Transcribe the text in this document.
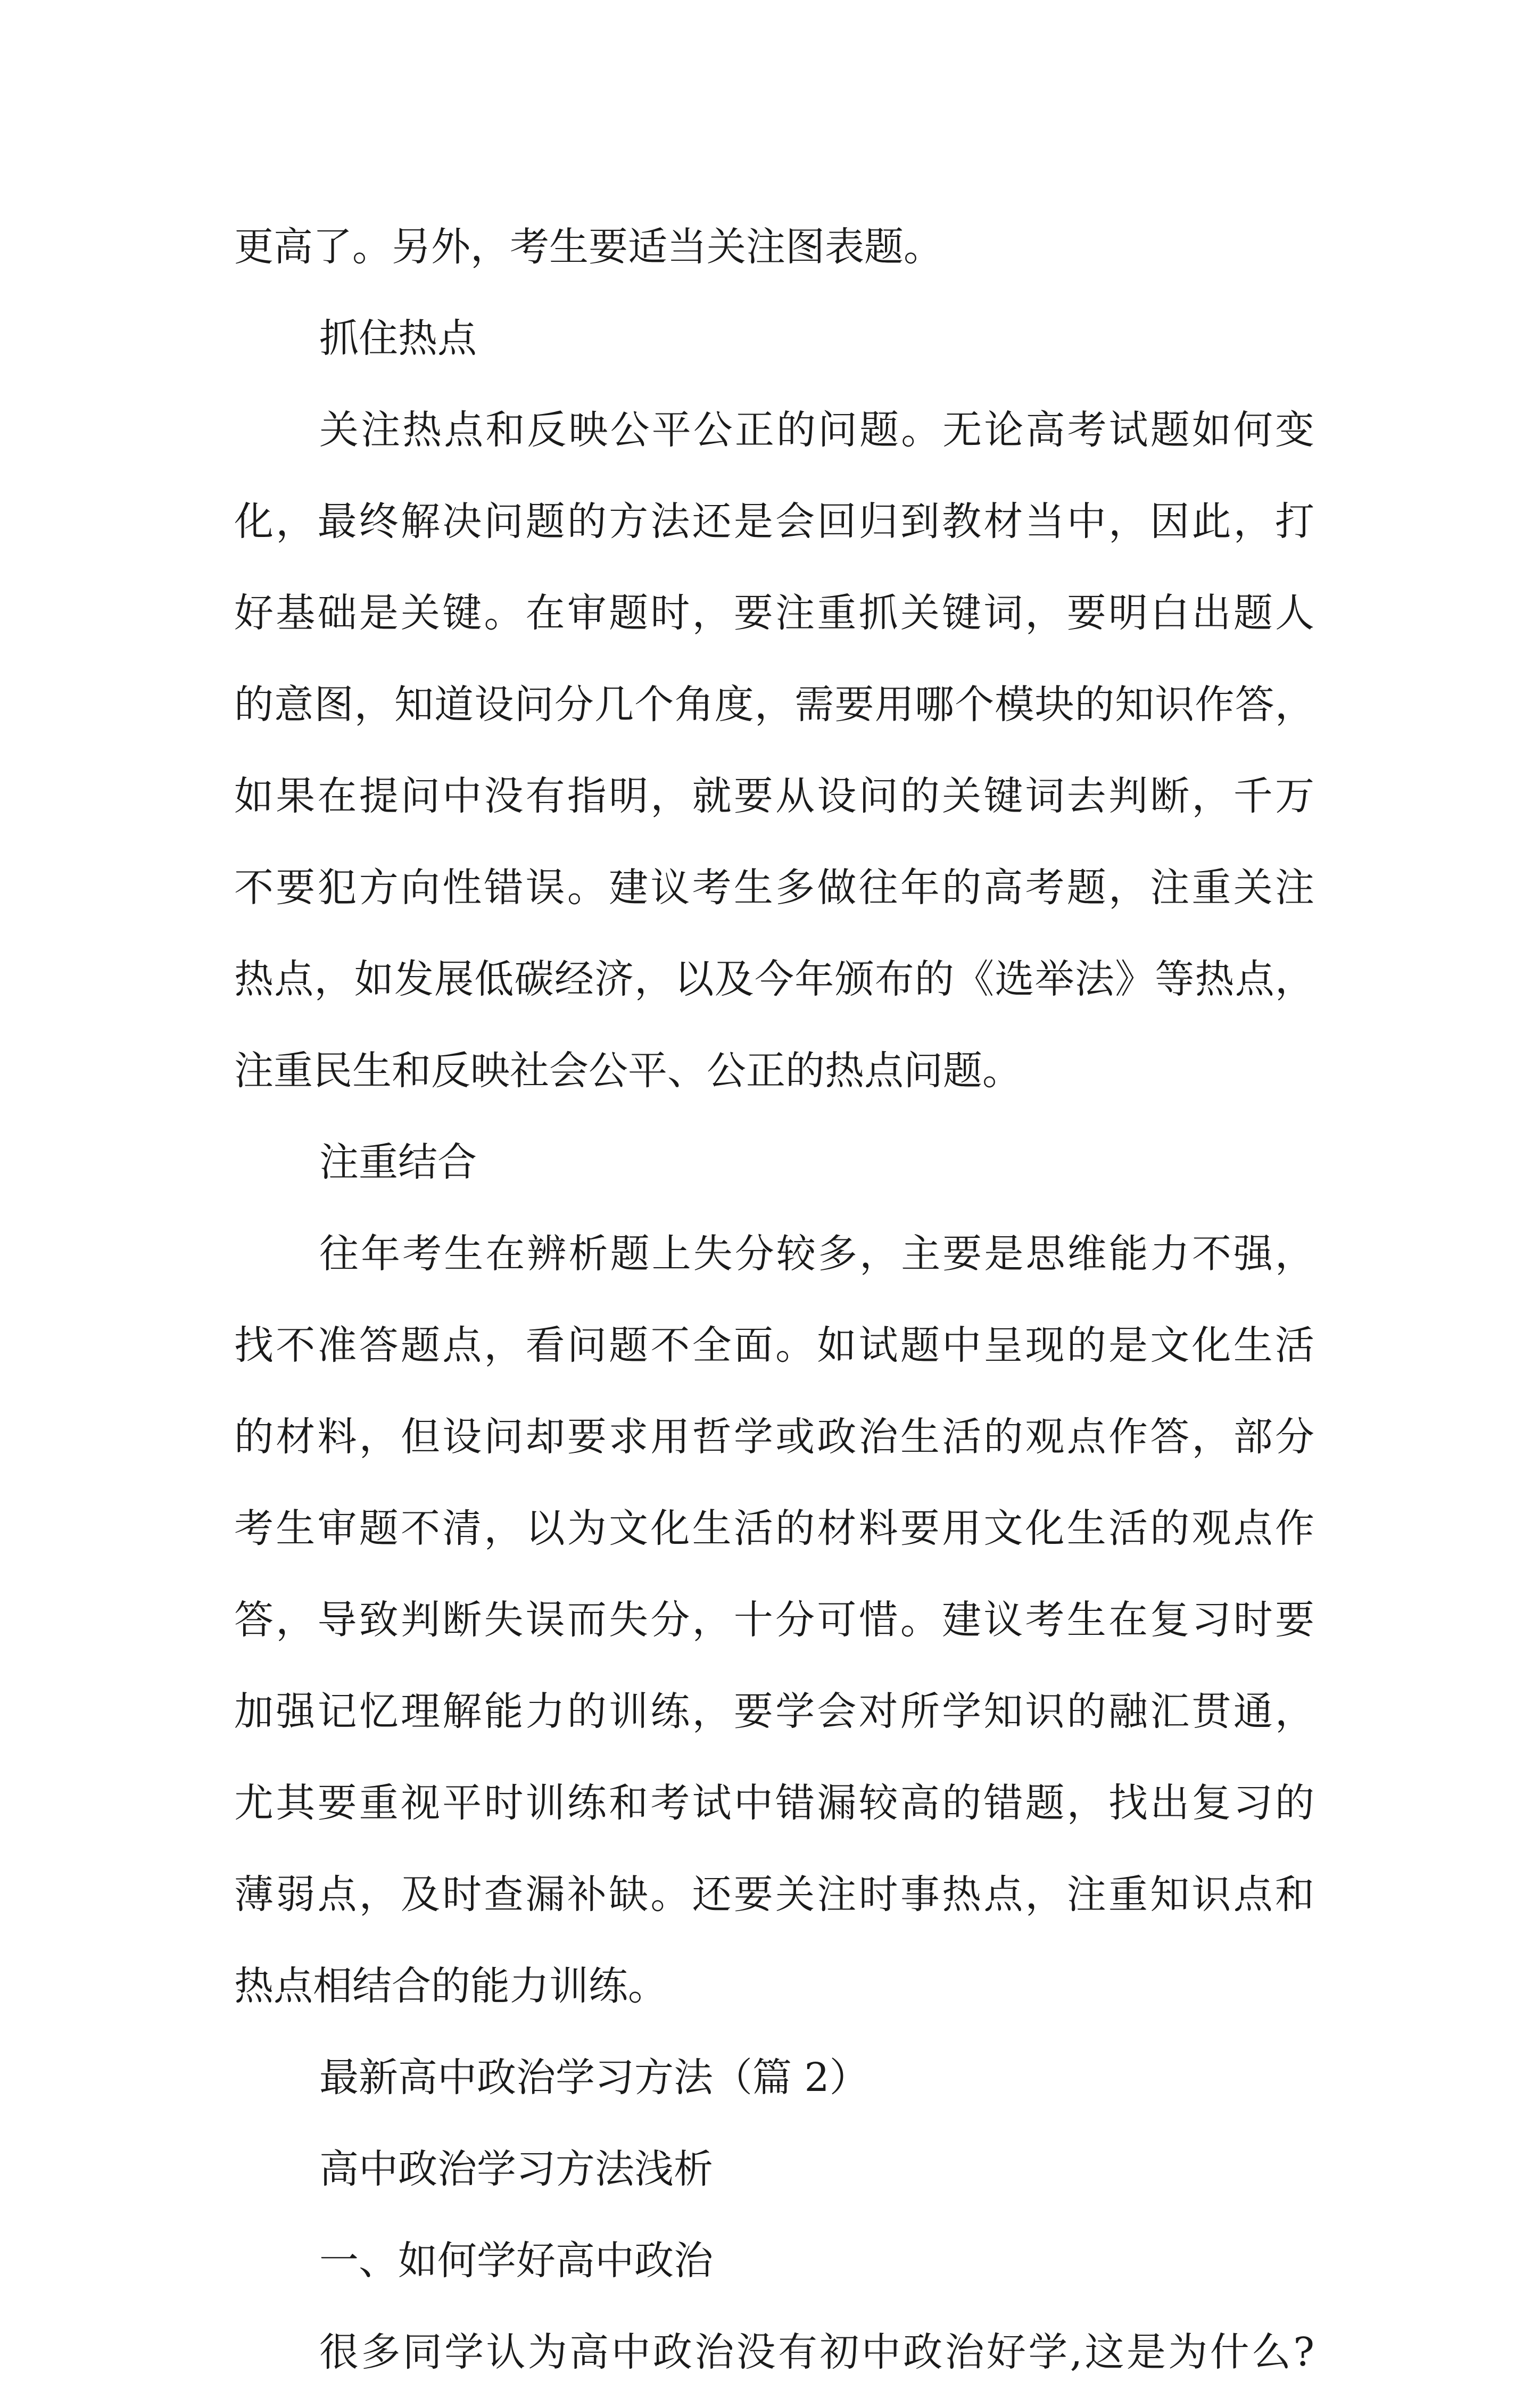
更高了。另外，考生要适当关注图表题。
抓住热点
关注热点和反映公平公正的问题。无论高考试题如何变
化，最终解决问题的方法还是会回归到教材当中，因此，打
好基础是关键。在审题时，要注重抓关键词，要明白出题人
的意图，知道设问分几个角度，需要用哪个模块的知识作答，
如果在提问中没有指明，就要从设问的关键词去判断，千万
不要犯方向性错误。建议考生多做往年的高考题，注重关注
热点，如发展低碳经济，以及今年颁布的《选举法》等热点，
注重民生和反映社会公平、公正的热点问题。
注重结合
往年考生在辨析题上失分较多，主要是思维能力不强，
找不准答题点，看问题不全面。如试题中呈现的是文化生活
的材料，但设问却要求用哲学或政治生活的观点作答，部分
考生审题不清，以为文化生活的材料要用文化生活的观点作
答，导致判断失误而失分，十分可惜。建议考生在复习时要
加强记忆理解能力的训练，要学会对所学知识的融汇贯通，
尤其要重视平时训练和考试中错漏较高的错题，找出复习的
薄弱点，及时查漏补缺。还要关注时事热点，注重知识点和
热点相结合的能力训练。
最新高中政治学习方法（篇 2）
高中政治学习方法浅析
一、如何学好高中政治
很多同学认为高中政治没有初中政治好学,这是为什么?
